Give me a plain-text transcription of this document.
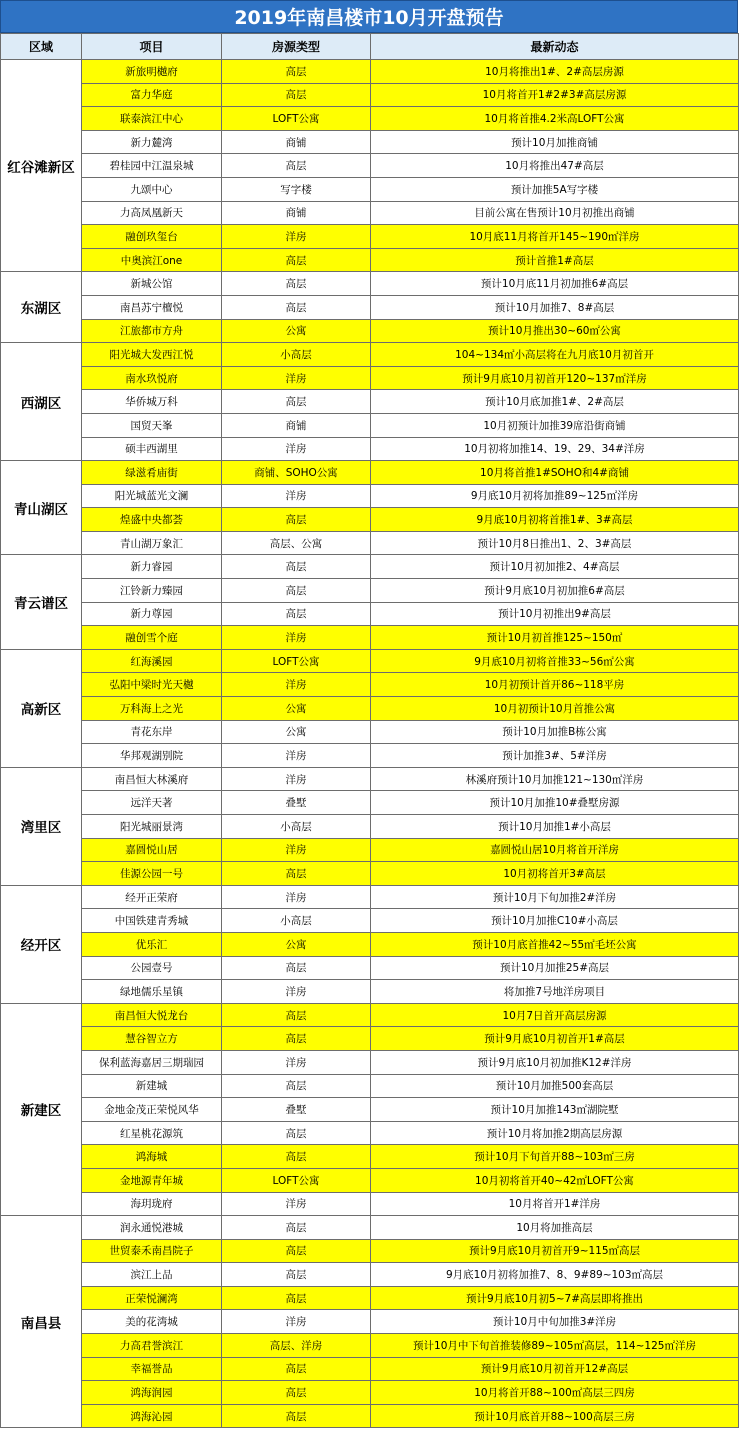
2019年南昌楼市10月开盘预告
区域	项目	房源类型	最新动态
红谷滩新区	新旅明樾府	高层	10月将推出1#、2#高层房源
	富力华庭	高层	10月将首开1#2#3#高层房源
	联泰滨江中心	LOFT公寓	10月将首推4.2米高LOFT公寓
	新力麓湾	商铺	预计10月加推商铺
	碧桂园中江温泉城	高层	10月将推出47#高层
	九颂中心	写字楼	预计加推5A写字楼
	力高凤凰新天	商铺	目前公寓在售预计10月初推出商铺
	融创玖玺台	洋房	10月底11月将首开145~190㎡洋房
	中奥滨江one	高层	预计首推1#高层
东湖区	新城公馆	高层	预计10月底11月初加推6#高层
	南昌苏宁檀悦	高层	预计10月加推7、8#高层
	江旅都市方舟	公寓	预计10月推出30~60㎡公寓
西湖区	阳光城大发西江悦	小高层	104~134㎡小高层将在九月底10月初首开
	南水玖悦府	洋房	预计9月底10月初首开120~137㎡洋房
	华侨城万科	高层	预计10月底加推1#、2#高层
	国贸天峯	商铺	10月初预计加推39席沿街商铺
	硕丰西湖里	洋房	10月初将加推14、19、29、34#洋房
青山湖区	绿滋肴庙街	商铺、SOHO公寓	10月将首推1#SOHO和4#商铺
	阳光城蓝光文澜	洋房	9月底10月初将加推89~125㎡洋房
	煌盛中央都荟	高层	9月底10月初将首推1#、3#高层
	青山湖万象汇	高层、公寓	预计10月8日推出1、2、3#高层
青云谱区	新力睿园	高层	预计10月初加推2、4#高层
	江铃新力臻园	高层	预计9月底10月初加推6#高层
	新力尊园	高层	预计10月初推出9#高层
	融创雪个庭	洋房	预计10月初首推125~150㎡
高新区	红海溪园	LOFT公寓	9月底10月初将首推33~56㎡公寓
	弘阳中梁时光天樾	洋房	10月初预计首开86~118平房
	万科海上之光	公寓	10月初预计10月首推公寓
	青花东岸	公寓	预计10月加推B栋公寓
	华邦观湖别院	洋房	预计加推3#、5#洋房
湾里区	南昌恒大林溪府	洋房	林溪府预计10月加推121~130㎡洋房
	远洋天著	叠墅	预计10月加推10#叠墅房源
	阳光城丽景湾	小高层	预计10月加推1#小高层
	嘉圆悦山居	洋房	嘉圆悦山居10月将首开洋房
	佳源公园一号	高层	10月初将首开3#高层
经开区	经开正荣府	洋房	预计10月下旬加推2#洋房
	中国铁建青秀城	小高层	预计10月加推C10#小高层
	优乐汇	公寓	预计10月底首推42~55㎡毛坯公寓
	公园壹号	高层	预计10月加推25#高层
	绿地儒乐星镇	洋房	将加推7号地洋房项目
新建区	南昌恒大悦龙台	高层	10月7日首开高层房源
	慧谷智立方	高层	预计9月底10月初首开1#高层
	保利蓝海嘉居三期瑞园	洋房	预计9月底10月初加推K12#洋房
	新建城	高层	预计10月加推500套高层
	金地金茂正荣悦风华	叠墅	预计10月加推143㎡湖院墅
	红星桃花源筑	高层	预计10月将加推2期高层房源
	鸿海城	高层	预计10月下旬首开88~103㎡三房
	金地源青年城	LOFT公寓	10月初将首开40~42㎡LOFT公寓
	海玥珑府	洋房	10月将首开1#洋房
南昌县	润永通悦港城	高层	10月将加推高层
	世贸泰禾南昌院子	高层	预计9月底10月初首开9~115㎡高层
	滨江上品	高层	9月底10月初将加推7、8、9#89~103㎡高层
	正荣悦澜湾	高层	预计9月底10月初5~7#高层即将推出
	美的花湾城	洋房	预计10月中旬加推3#洋房
	力高君誉滨江	高层、洋房	预计10月中下旬首推装修89~105㎡高层，114~125㎡洋房
	幸福誉品	高层	预计9月底10月初首开12#高层
	鸿海润园	高层	10月将首开88~100㎡高层三四房
	鸿海沁园	高层	预计10月底首开88~100高层三房
